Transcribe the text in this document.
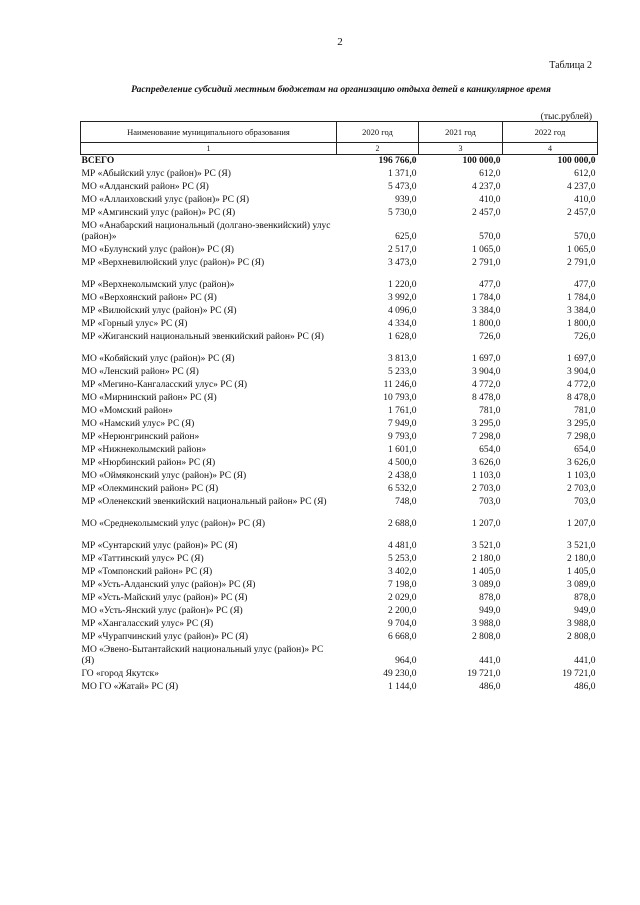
2
Таблица 2
Распределение субсидий местным бюджетам на организацию отдыха детей в каникулярное время
(тыс.рублей)
Наименование муниципального образования	2020 год	2021 год	2022 год
1	2	3	4
ВСЕГО	196 766,0	100 000,0	100 000,0
МР «Абыйский улус (район)» РС (Я)	1 371,0	612,0	612,0
МО «Алданский район» РС (Я)	5 473,0	4 237,0	4 237,0
МО «Аллаиховский улус (район)» РС (Я)	939,0	410,0	410,0
МР «Амгинский улус (район)» РС (Я)	5 730,0	2 457,0	2 457,0
МО «Анабарский национальный (долгано-эвенкийский) улус (район)»	625,0	570,0	570,0
МО «Булунский улус (район)» РС (Я)	2 517,0	1 065,0	1 065,0
МР «Верхневилюйский улус (район)» РС (Я)	3 473,0	2 791,0	2 791,0

МР «Верхнеколымский улус (район)»	1 220,0	477,0	477,0
МО «Верхоянский район» РС (Я)	3 992,0	1 784,0	1 784,0
МР «Вилюйский улус (район)» РС (Я)	4 096,0	3 384,0	3 384,0
МР «Горный улус» РС (Я)	4 334,0	1 800,0	1 800,0
МР «Жиганский национальный эвенкийский район» РС (Я)	1 628,0	726,0	726,0

МО «Кобяйский улус (район)» РС (Я)	3 813,0	1 697,0	1 697,0
МО «Ленский район» РС (Я)	5 233,0	3 904,0	3 904,0
МР «Мегино-Кангаласский улус» РС (Я)	11 246,0	4 772,0	4 772,0
МО «Мирнинский район» РС (Я)	10 793,0	8 478,0	8 478,0
МО «Момский район»	1 761,0	781,0	781,0
МО «Намский улус» РС (Я)	7 949,0	3 295,0	3 295,0
МР «Нерюнгринский район»	9 793,0	7 298,0	7 298,0
МР «Нижнеколымский район»	1 601,0	654,0	654,0
МР «Нюрбинский район» РС (Я)	4 500,0	3 626,0	3 626,0
МО «Оймяконский улус (район)» РС (Я)	2 438,0	1 103,0	1 103,0
МР «Олекминский район» РС (Я)	6 532,0	2 703,0	2 703,0
МР «Оленекский эвенкийский национальный район» РС (Я)	748,0	703,0	703,0

МО «Среднеколымский улус (район)» РС (Я)	2 688,0	1 207,0	1 207,0

МР «Сунтарский улус (район)» РС (Я)	4 481,0	3 521,0	3 521,0
МР «Таттинский улус» РС (Я)	5 253,0	2 180,0	2 180,0
МР «Томпонский район» РС (Я)	3 402,0	1 405,0	1 405,0
МР «Усть-Алданский улус (район)» РС (Я)	7 198,0	3 089,0	3 089,0
МР «Усть-Майский улус (район)» РС (Я)	2 029,0	878,0	878,0
МО «Усть-Янский улус (район)» РС (Я)	2 200,0	949,0	949,0
МР «Хангаласский улус» РС (Я)	9 704,0	3 988,0	3 988,0
МР «Чурапчинский улус (район)» РС (Я)	6 668,0	2 808,0	2 808,0
МО «Эвено-Бытантайский национальный улус (район)» РС (Я)	964,0	441,0	441,0
ГО «город Якутск»	49 230,0	19 721,0	19 721,0
МО ГО «Жатай» РС (Я)	1 144,0	486,0	486,0
